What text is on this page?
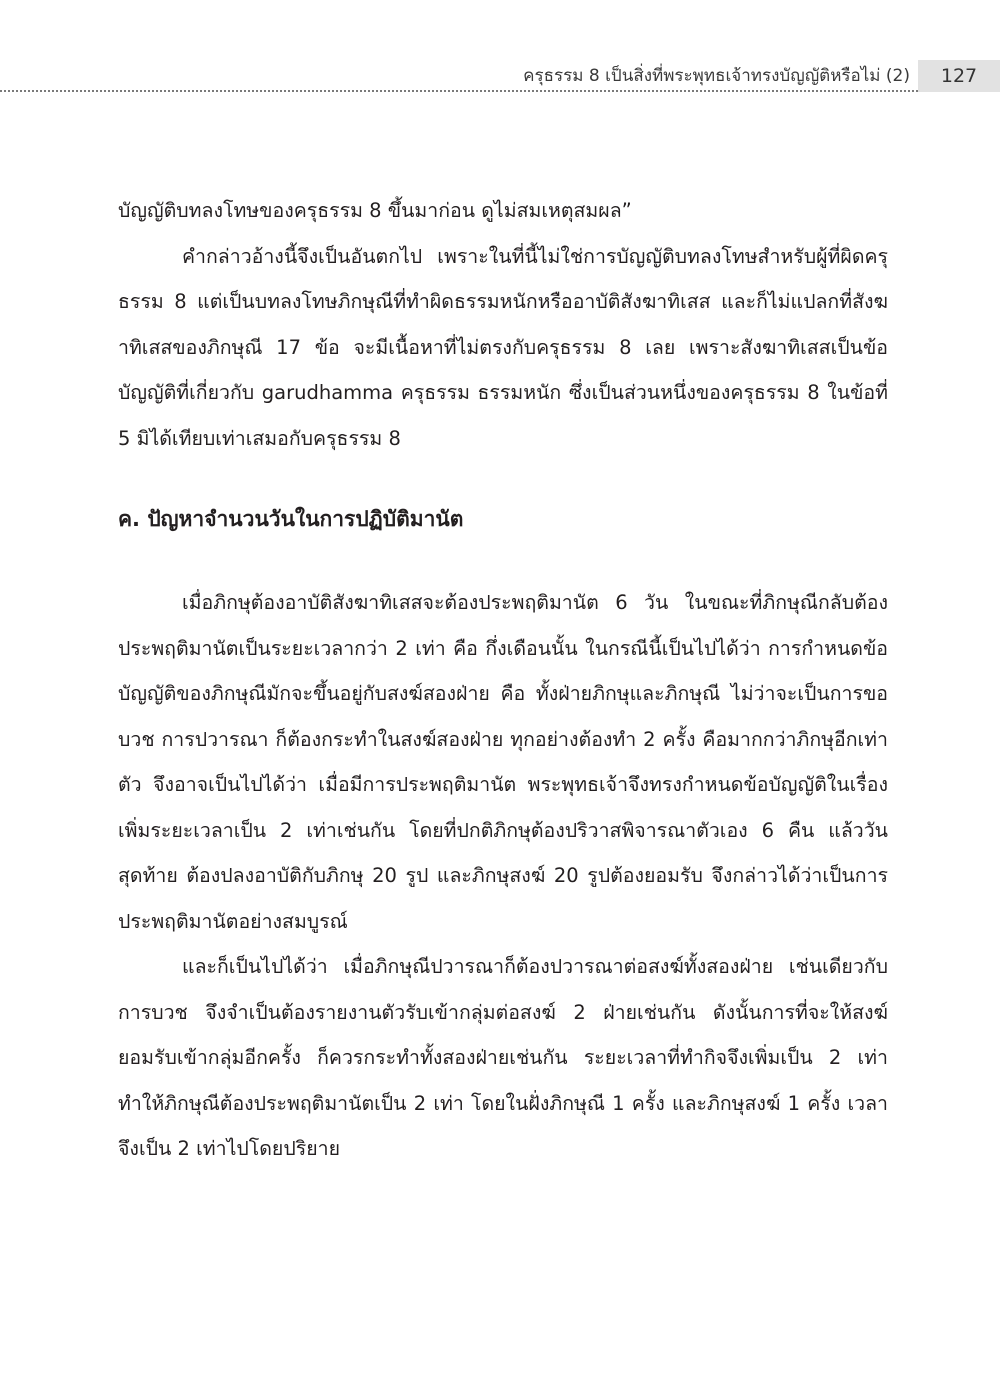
ครุธรรม 8 เป็นสิ่งที่พระพุทธเจ้าทรงบัญญัติหรือไม่ (2)	127

บัญญัติบทลงโทษของครุธรรม 8 ขึ้นมาก่อน ดูไม่สมเหตุสมผล”

คำกล่าวอ้างนี้จึงเป็นอันตกไป เพราะในที่นี้ไม่ใช่การบัญญัติบทลงโทษสำหรับผู้ที่ผิดครุธรรม 8 แต่เป็นบทลงโทษภิกษุณีที่ทำผิดธรรมหนักหรืออาบัติสังฆาทิเสส และก็ไม่แปลกที่สังฆาทิเสสของภิกษุณี 17 ข้อ จะมีเนื้อหาที่ไม่ตรงกับครุธรรม 8 เลย เพราะสังฆาทิเสสเป็นข้อบัญญัติที่เกี่ยวกับ garudhamma ครุธรรม ธรรมหนัก ซึ่งเป็นส่วนหนึ่งของครุธรรม 8 ในข้อที่ 5 มิได้เทียบเท่าเสมอกับครุธรรม 8

ค. ปัญหาจำนวนวันในการปฏิบัติมานัต

เมื่อภิกษุต้องอาบัติสังฆาทิเสสจะต้องประพฤติมานัต 6 วัน ในขณะที่ภิกษุณีกลับต้องประพฤติมานัตเป็นระยะเวลากว่า 2 เท่า คือ กึ่งเดือนนั้น ในกรณีนี้เป็นไปได้ว่า การกำหนดข้อบัญญัติของภิกษุณีมักจะขึ้นอยู่กับสงฆ์สองฝ่าย คือ ทั้งฝ่ายภิกษุและภิกษุณี ไม่ว่าจะเป็นการขอบวช การปวารณา ก็ต้องกระทำในสงฆ์สองฝ่าย ทุกอย่างต้องทำ 2 ครั้ง คือมากกว่าภิกษุอีกเท่าตัว จึงอาจเป็นไปได้ว่า เมื่อมีการประพฤติมานัต พระพุทธเจ้าจึงทรงกำหนดข้อบัญญัติในเรื่องเพิ่มระยะเวลาเป็น 2 เท่าเช่นกัน โดยที่ปกติภิกษุต้องปริวาสพิจารณาตัวเอง 6 คืน แล้ววันสุดท้าย ต้องปลงอาบัติกับภิกษุ 20 รูป และภิกษุสงฆ์ 20 รูปต้องยอมรับ จึงกล่าวได้ว่าเป็นการประพฤติมานัตอย่างสมบูรณ์

และก็เป็นไปได้ว่า เมื่อภิกษุณีปวารณาก็ต้องปวารณาต่อสงฆ์ทั้งสองฝ่าย เช่นเดียวกับการบวช จึงจำเป็นต้องรายงานตัวรับเข้ากลุ่มต่อสงฆ์ 2 ฝ่ายเช่นกัน ดังนั้นการที่จะให้สงฆ์ยอมรับเข้ากลุ่มอีกครั้ง ก็ควรกระทำทั้งสองฝ่ายเช่นกัน ระยะเวลาที่ทำกิจจึงเพิ่มเป็น 2 เท่า ทำให้ภิกษุณีต้องประพฤติมานัตเป็น 2 เท่า โดยในฝั่งภิกษุณี 1 ครั้ง และภิกษุสงฆ์ 1 ครั้ง เวลาจึงเป็น 2 เท่าไปโดยปริยาย
